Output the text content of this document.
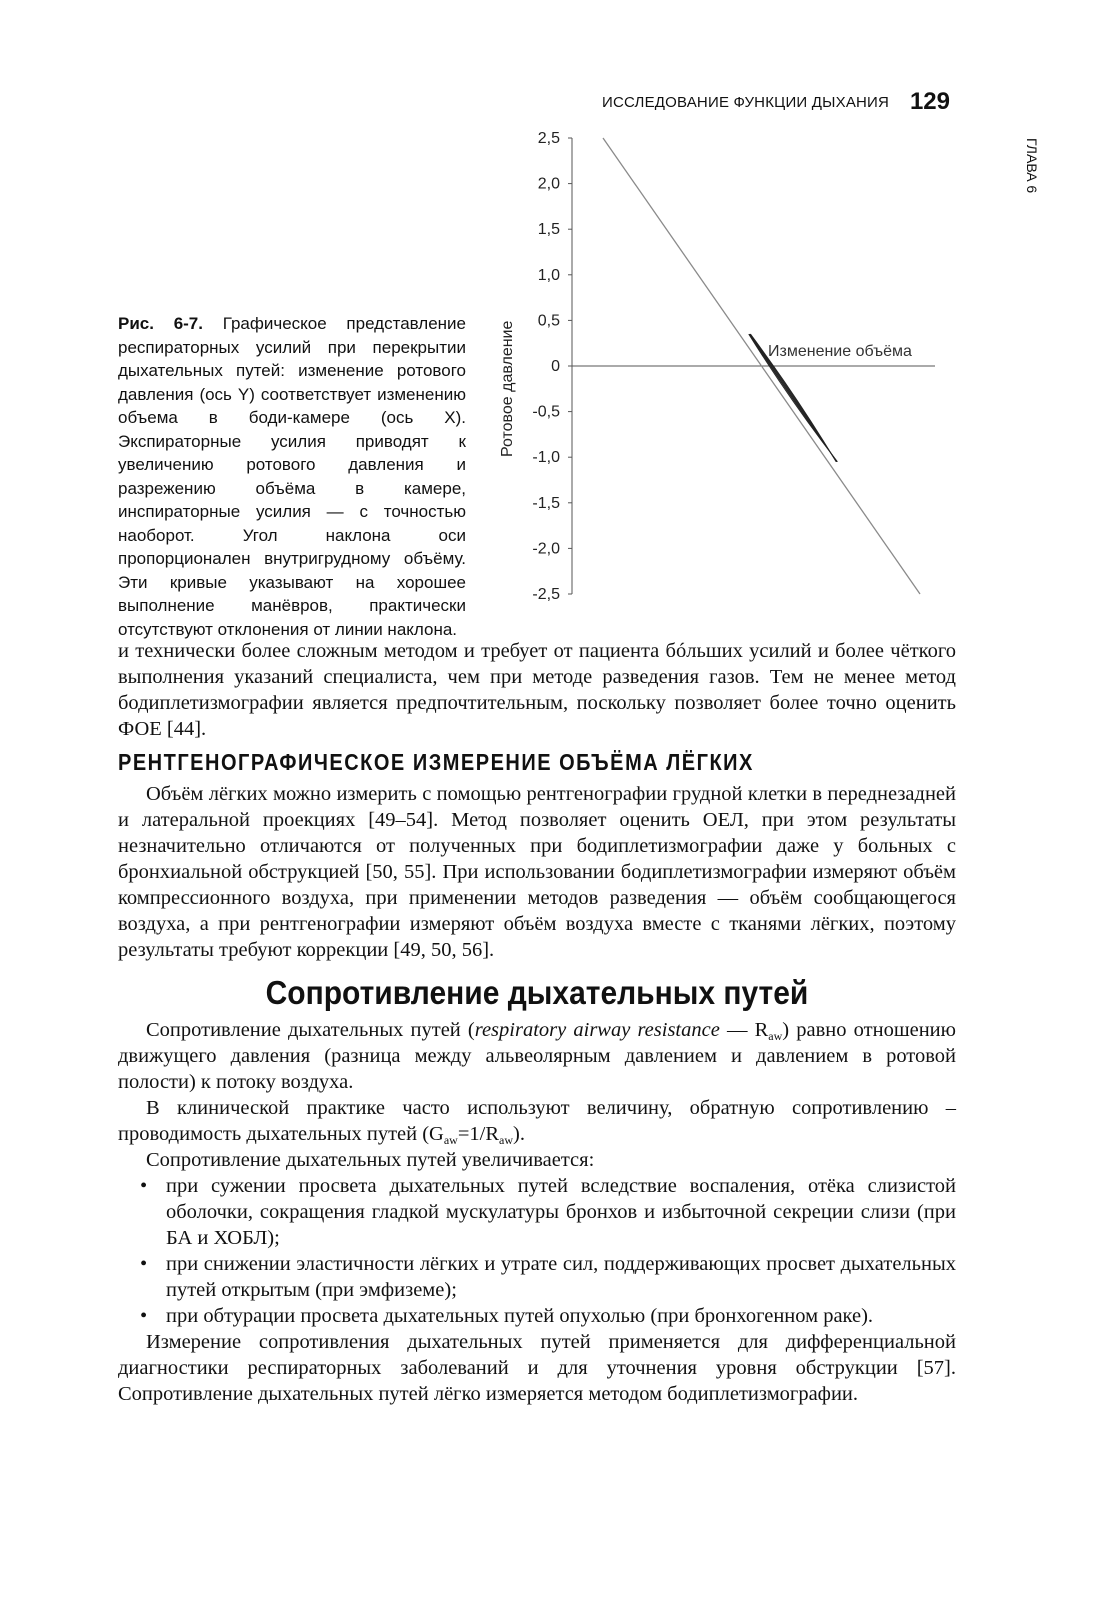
ИССЛЕДОВАНИЕ ФУНКЦИИ ДЫХАНИЯ 129
ГЛАВА 6
Рис. 6-7. Графическое представление респираторных усилий при перекрытии дыхательных путей: изменение ротового давления (ось Y) соответствует изменению объема в боди-камере (ось X). Экспираторные усилия приводят к увеличению ротового давления и разрежению объёма в камере, инспираторные усилия — с точностью наоборот. Угол наклона оси пропорционален внутригрудному объёму. Эти кривые указывают на хорошее выполнение манёвров, практически отсутствуют отклонения от линии наклона.
2,5
2,0
1,5
1,0
0,5
0
-0,5
-1,0
-1,5
-2,0
-2,5
Ротовое давление	Изменение объёма

и технически более сложным методом и требует от пациента бóльших усилий и более чёткого выполнения указаний специалиста, чем при методе разведения газов. Тем не менее метод бодиплетизмографии является предпочтительным, поскольку позволяет более точно оценить ФОЕ [44].

РЕНТГЕНОГРАФИЧЕСКОЕ ИЗМЕРЕНИЕ ОБЪЁМА ЛЁГКИХ

Объём лёгких можно измерить с помощью рентгенографии грудной клетки в переднезадней и латеральной проекциях [49–54]. Метод позволяет оценить ОЕЛ, при этом результаты незначительно отличаются от полученных при бодиплетизмографии даже у больных с бронхиальной обструкцией [50, 55]. При использовании бодиплетизмографии измеряют объём компрессионного воздуха, при применении методов разведения — объём сообщающегося воздуха, а при рентгенографии измеряют объём воздуха вместе с тканями лёгких, поэтому результаты требуют коррекции [49, 50, 56].

Сопротивление дыхательных путей

Сопротивление дыхательных путей (respiratory airway resistance — $R_{aw}$) равно отношению движущего давления (разница между альвеолярным давлением и давлением в ротовой полости) к потоку воздуха.

В клинической практике часто используют величину, обратную сопротивлению – проводимость дыхательных путей $(G_{aw}=1/R_{aw})$.

Сопротивление дыхательных путей увеличивается:

• при сужении просвета дыхательных путей вследствие воспаления, отёка слизистой оболочки, сокращения гладкой мускулатуры бронхов и избыточной секреции слизи (при БА и ХОБЛ);
• при снижении эластичности лёгких и утрате сил, поддерживающих просвет дыхательных путей открытым (при эмфиземе);
• при обтурации просвета дыхательных путей опухолью (при бронхогенном раке).

Измерение сопротивления дыхательных путей применяется для дифференциальной диагностики респираторных заболеваний и для уточнения уровня обструкции [57]. Сопротивление дыхательных путей лёгко измеряется методом бодиплетизмографии.
